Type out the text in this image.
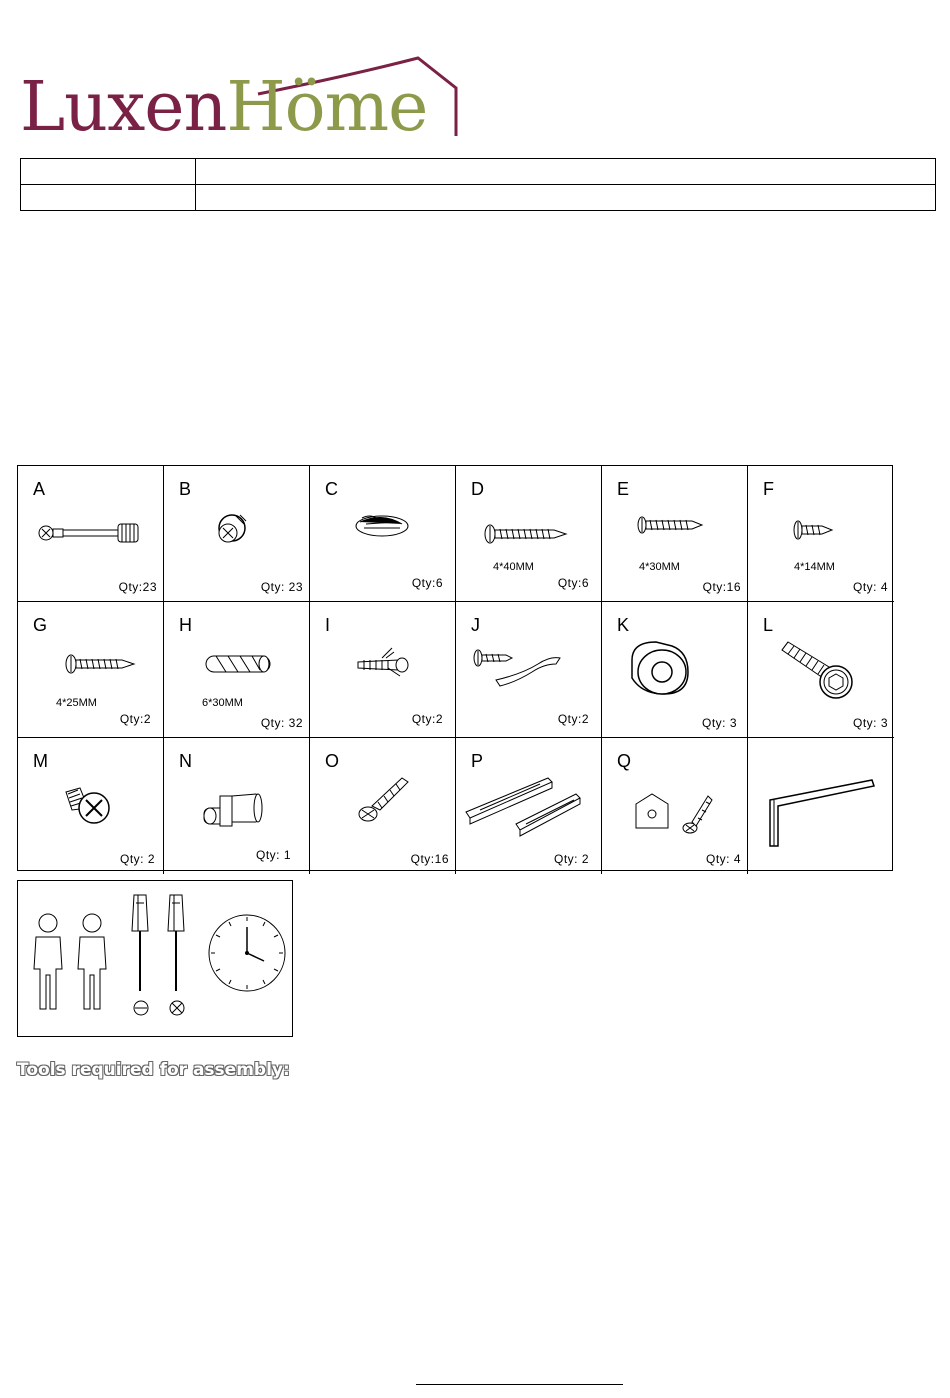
LuxenHöme

A
Qty:23
B
Qty: 23
C
Qty:6
D
4*40MM
Qty:6
E
4*30MM
Qty:16
F
4*14MM
Qty: 4
G
4*25MM
Qty:2
H
6*30MM
Qty: 32
I
Qty:2
J
Qty:2
K
Qty: 3
L
Qty: 3
M
Qty: 2
N
Qty: 1
O
Qty:16
P
Qty: 2
Q
Qty: 4
Tools required for assembly:
